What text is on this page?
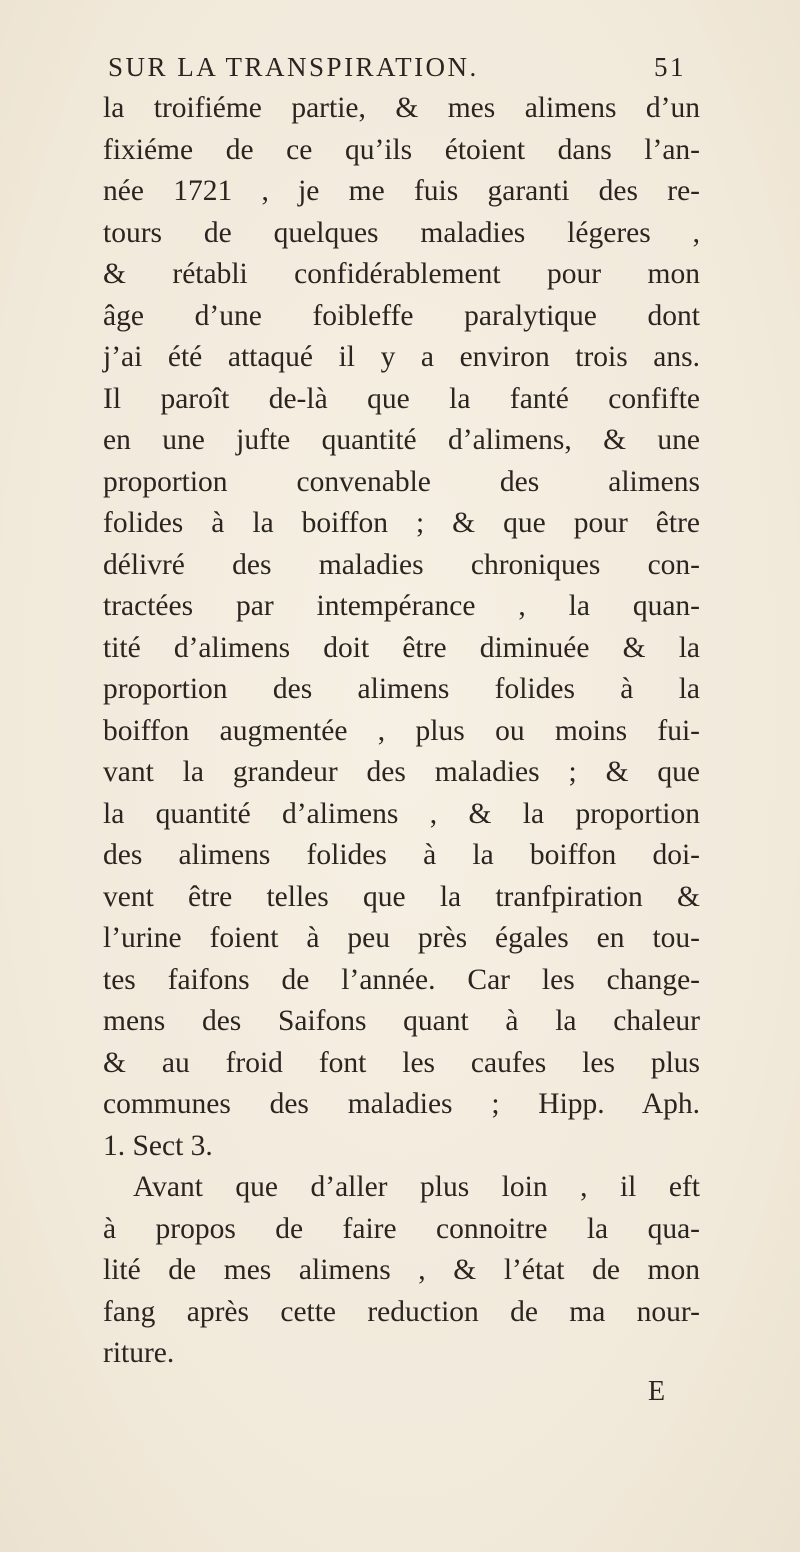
SUR LA TRANSPIRATION.	51
la troifiéme partie, & mes alimens d’un
fixiéme de ce qu’ils étoient dans l’an-
née 1721 , je me fuis garanti des re-
tours de quelques maladies légeres ,
& rétabli confidérablement pour mon
âge d’une foibleffe paralytique dont
j’ai été attaqué il y a environ trois ans.
Il paroît de-là que la fanté confifte
en une jufte quantité d’alimens, & une
proportion convenable des alimens
folides à la boiffon ; & que pour être
délivré des maladies chroniques con-
tractées par intempérance , la quan-
tité d’alimens doit être diminuée & la
proportion des alimens folides à la
boiffon augmentée , plus ou moins fui-
vant la grandeur des maladies ; & que
la quantité d’alimens , & la proportion
des alimens folides à la boiffon doi-
vent être telles que la tranfpiration &
l’urine foient à peu près égales en tou-
tes faifons de l’année. Car les change-
mens des Saifons quant à la chaleur
& au froid font les caufes les plus
communes des maladies ; Hipp. Aph.
1. Sect 3.
Avant que d’aller plus loin , il eft
à propos de faire connoitre la qua-
lité de mes alimens , & l’état de mon
fang après cette reduction de ma nour-
riture.
E
